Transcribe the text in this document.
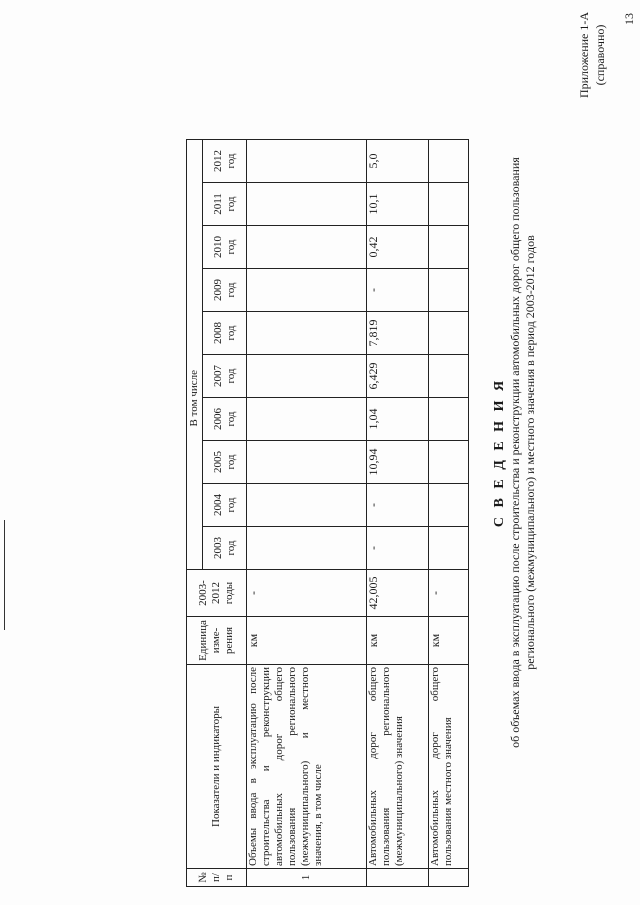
13
Приложение 1-А (справочно)
С В Е Д Е Н И Я об объемах ввода в эксплуатацию после строительства и реконструкции автомобильных дорог общего пользования регионального (межмуниципального) и местного значения в период 2003-2012 годов
№ п/п	Показатели и индикаторы	Единица изме-рения	2003-2012 годы	В том числе									
				2003 год	2004 год	2005 год	2006 год	2007 год	2008 год	2009 год	2010 год	2011 год	2012 год
1	Объемы ввода в эксплуатацию после строительства и реконструкции автомобильных дорог общего пользования регионального (межмуниципального) и местного значения, в том числе	км	-										
	Автомобильных дорог общего пользования регионального (межмуниципального) значения	км	42,005	-	-	10,94	1,04	6,429	7,819	-	0,42	10,1	5,0
	Автомобильных дорог общего пользования местного значения	км	-										
